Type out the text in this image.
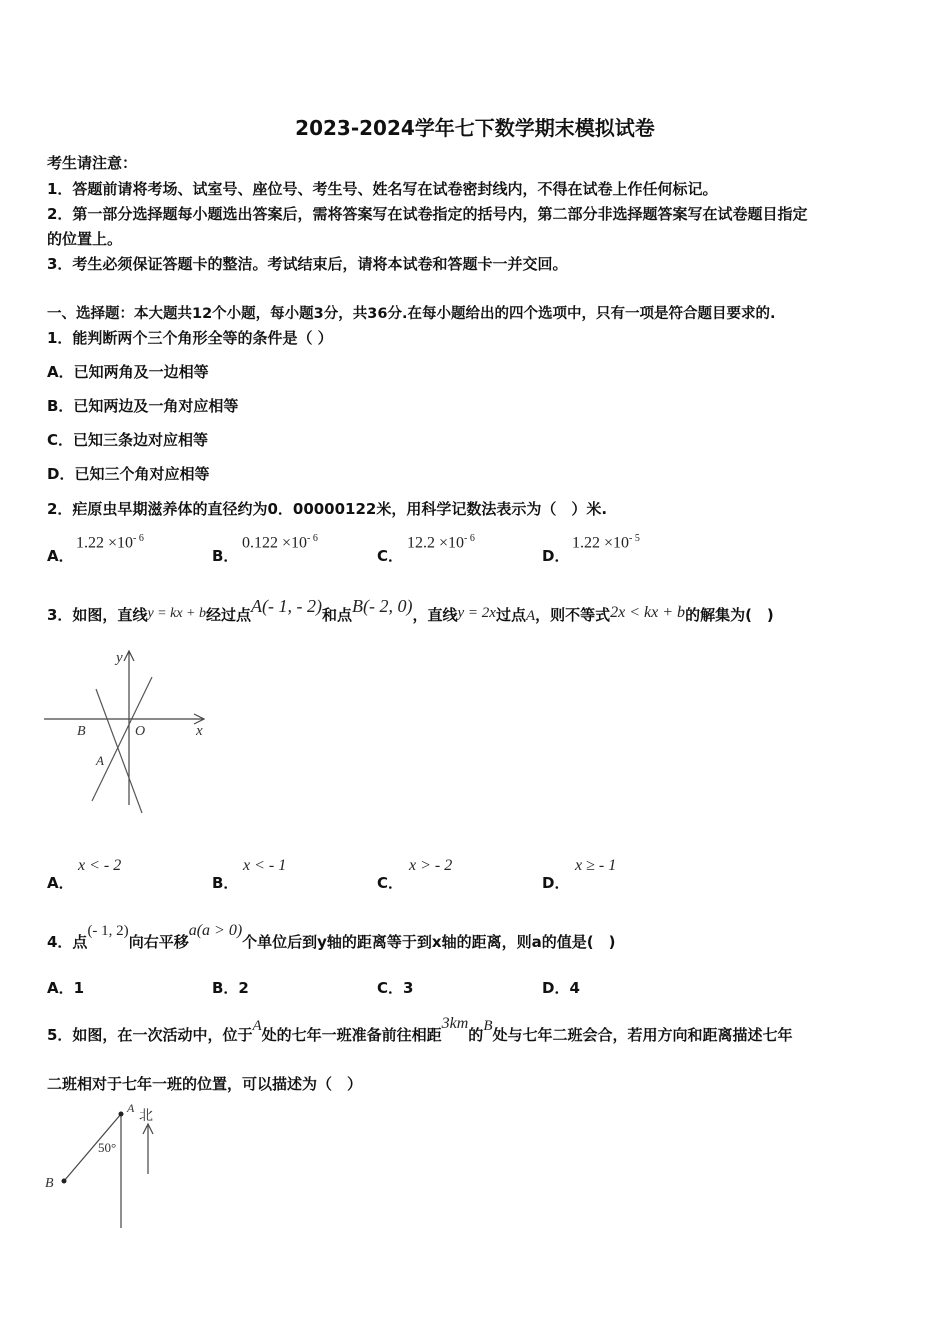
2023-2024学年七下数学期末模拟试卷
考生请注意：
1．答题前请将考场、试室号、座位号、考生号、姓名写在试卷密封线内，不得在试卷上作任何标记。
2．第一部分选择题每小题选出答案后，需将答案写在试卷指定的括号内，第二部分非选择题答案写在试卷题目指定
的位置上。
3．考生必须保证答题卡的整洁。考试结束后，请将本试卷和答题卡一并交回。
一、选择题：本大题共12个小题，每小题3分，共36分.在每小题给出的四个选项中，只有一项是符合题目要求的.
1．能判断两个三个角形全等的条件是（ ）
A．已知两角及一边相等
B．已知两边及一角对应相等
C．已知三条边对应相等
D．已知三个角对应相等
2．疟原虫早期滋养体的直径约为0．00000122米，用科学记数法表示为（　）米.
A．
$1.22 \times 10^{- 6}$
B．
$0.122 \times 10^{- 6}$
C．
$12.2 \times 10^{- 6}$
D．
$1.22 \times 10^{- 5}$
3．如图，直线y = kx + b经过点A(- 1, - 2)和点B(- 2, 0)，直线y = 2x过点A，则不等式2x < kx + b的解集为(　)
y
x
O
B
A
A．
x < - 2
B．
x < - 1
C．
x > - 2
D．
x ≥ - 1
4．点(- 1, 2)向右平移a(a > 0)个单位后到y轴的距离等于到x轴的距离，则a的值是(　)
A．1	B．2	C．3	D．4
5．如图，在一次活动中，位于A处的七年一班准备前往相距3km的B处与七年二班会合，若用方向和距离描述七年
二班相对于七年一班的位置，可以描述为（　）
A 北
50°
B
